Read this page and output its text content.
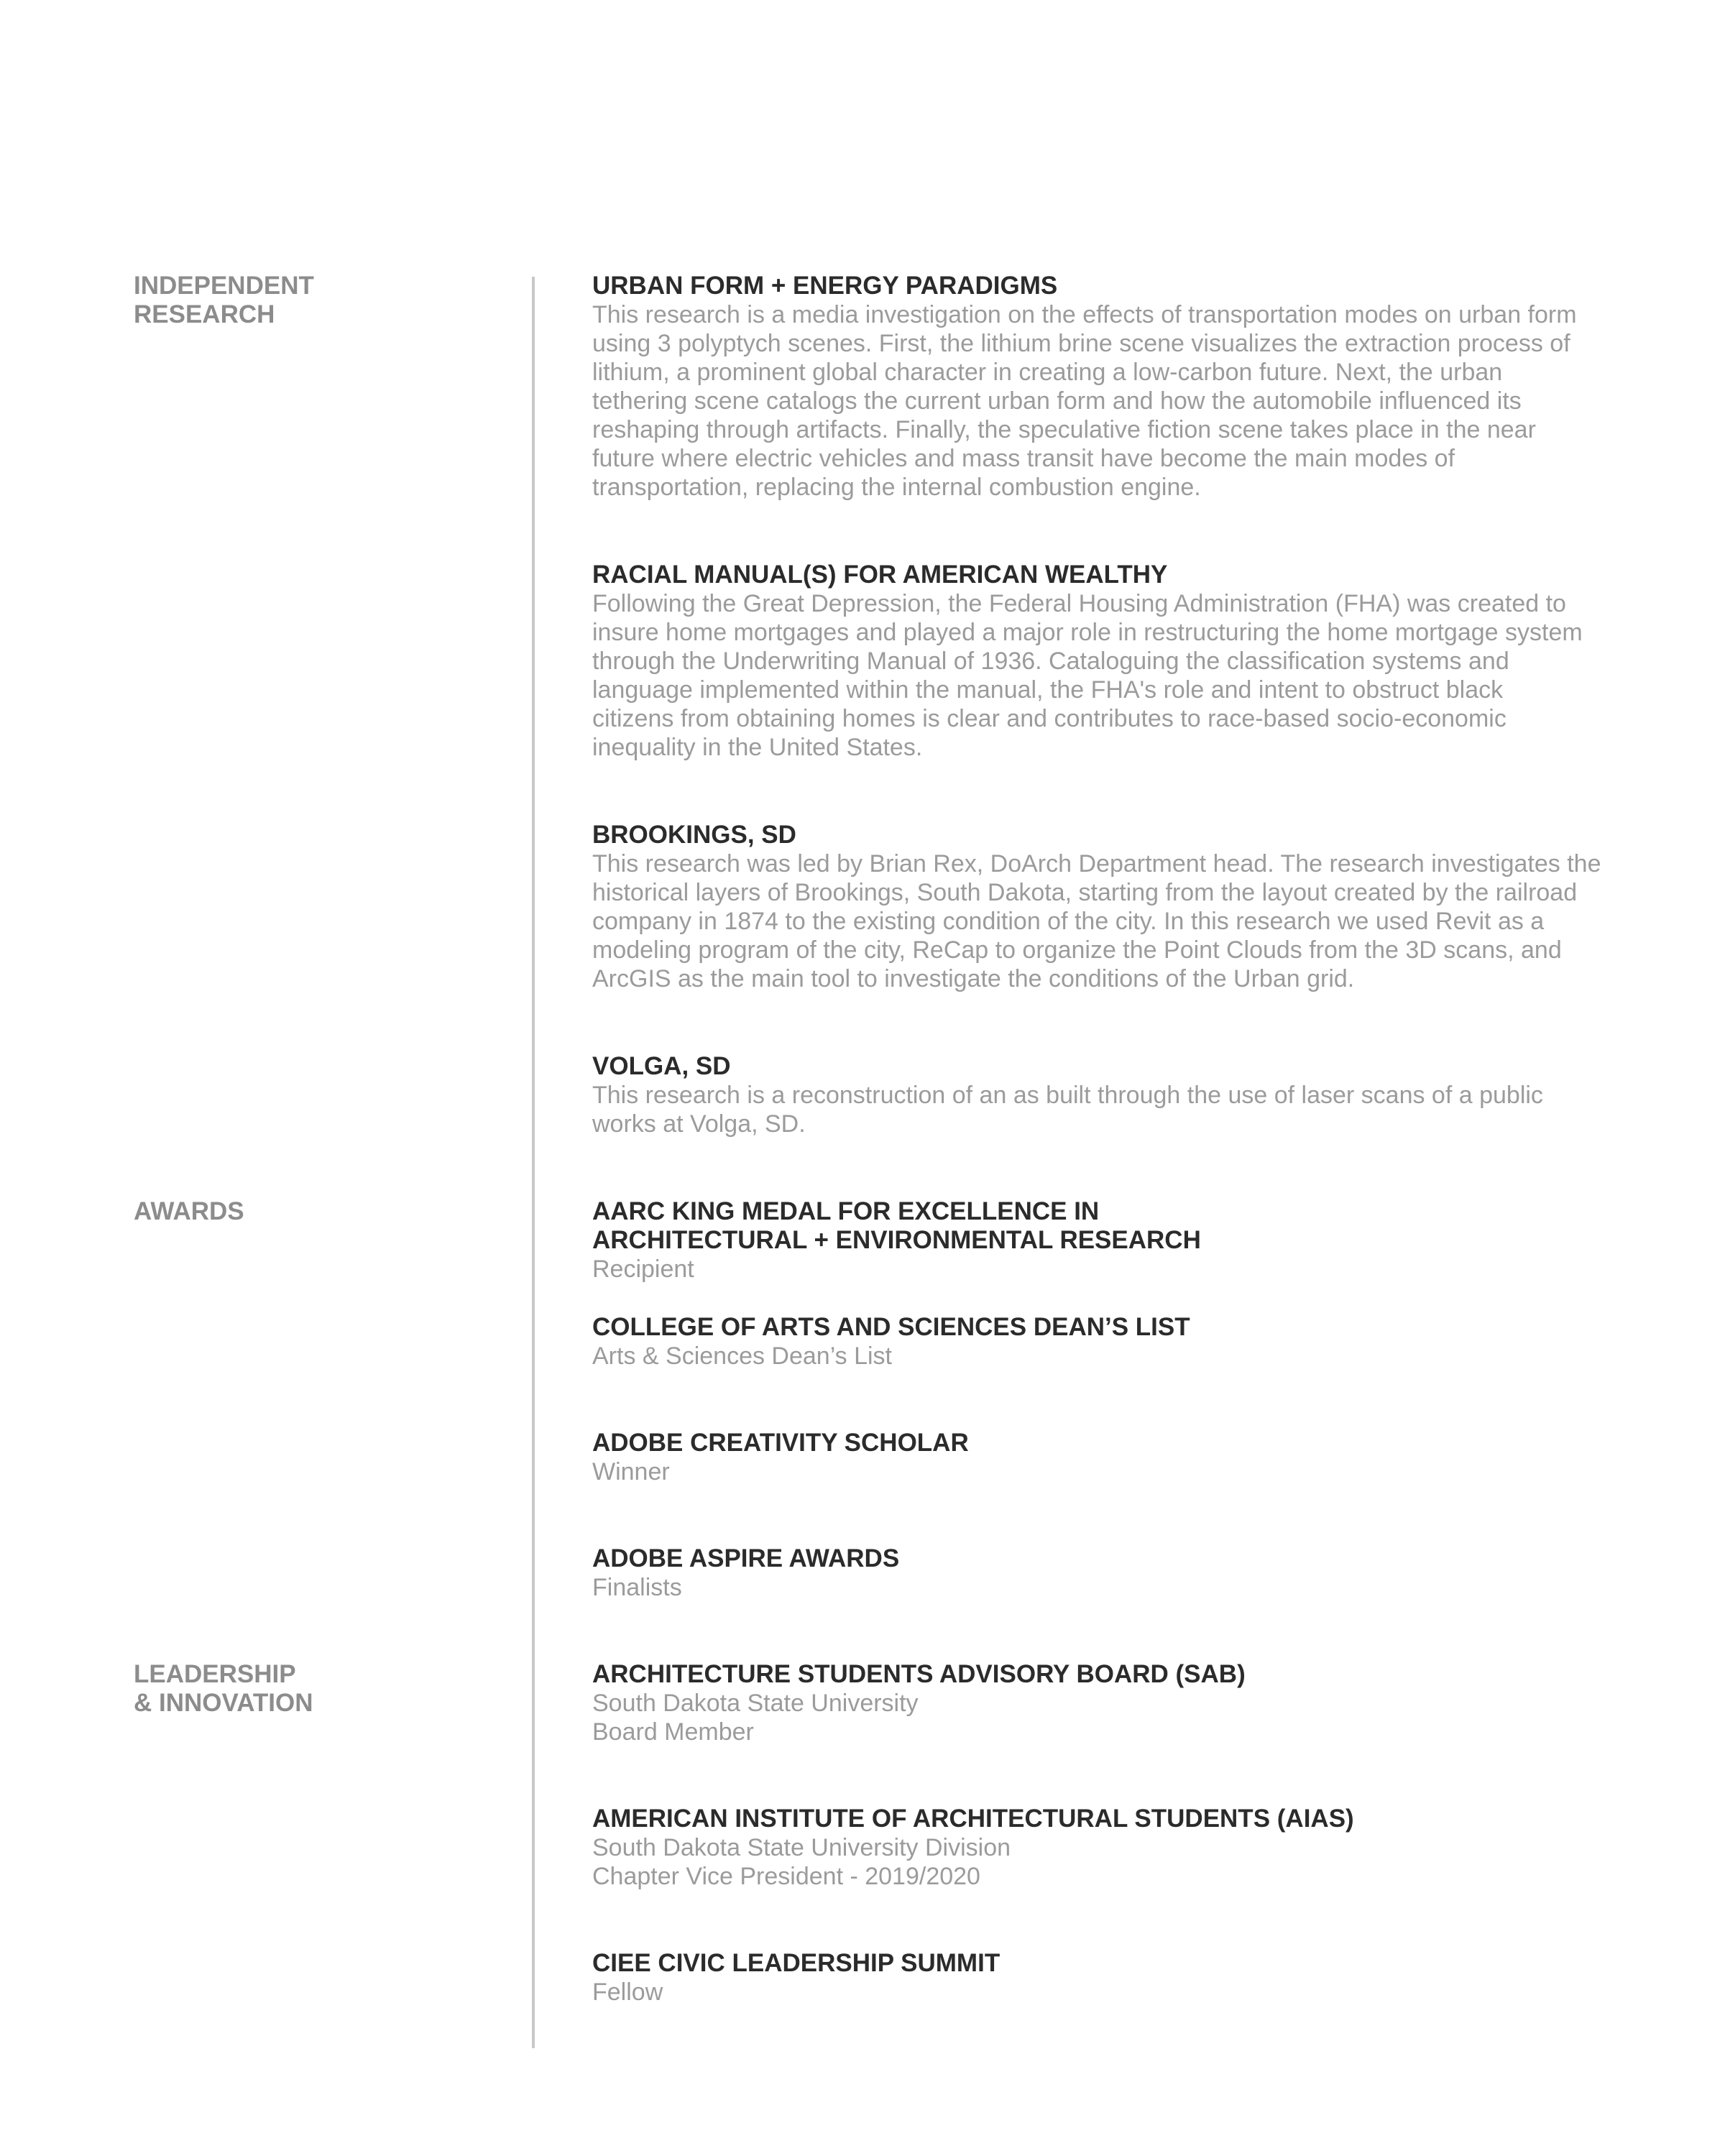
INDEPENDENT
RESEARCH
URBAN FORM + ENERGY PARADIGMS

This research is a media investigation on the effects of transportation modes on urban form
using 3 polyptych scenes. First, the lithium brine scene visualizes the extraction process of
lithium, a prominent global character in creating a low-carbon future. Next, the urban
tethering scene catalogs the current urban form and how the automobile influenced its
reshaping through artifacts. Finally, the speculative fiction scene takes place in the near
future where electric vehicles and mass transit have become the main modes of
transportation, replacing the internal combustion engine.

RACIAL MANUAL(S) FOR AMERICAN WEALTHY

Following the Great Depression, the Federal Housing Administration (FHA) was created to
insure home mortgages and played a major role in restructuring the home mortgage system
through the Underwriting Manual of 1936. Cataloguing the classification systems and
language implemented within the manual, the FHA's role and intent to obstruct black
citizens from obtaining homes is clear and contributes to race-based socio-economic
inequality in the United States.

BROOKINGS, SD

This research was led by Brian Rex, DoArch Department head. The research investigates the
historical layers of Brookings, South Dakota, starting from the layout created by the railroad
company in 1874 to the existing condition of the city. In this research we used Revit as a
modeling program of the city, ReCap to organize the Point Clouds from the 3D scans, and
ArcGIS as the main tool to investigate the conditions of the Urban grid.

VOLGA, SD

This research is a reconstruction of an as built through the use of laser scans of a public
works at Volga, SD.

AWARDS	AARC KING MEDAL FOR EXCELLENCE IN
ARCHITECTURAL + ENVIRONMENTAL RESEARCH

Recipient

COLLEGE OF ARTS AND SCIENCES DEAN’S LIST

Arts & Sciences Dean’s List

ADOBE CREATIVITY SCHOLAR

Winner

ADOBE ASPIRE AWARDS

Finalists

LEADERSHIP
& INNOVATION
ARCHITECTURE STUDENTS ADVISORY BOARD (SAB)

South Dakota State University
Board Member

AMERICAN INSTITUTE OF ARCHITECTURAL STUDENTS (AIAS)

South Dakota State University Division
Chapter Vice President - 2019/2020

CIEE CIVIC LEADERSHIP SUMMIT

Fellow
